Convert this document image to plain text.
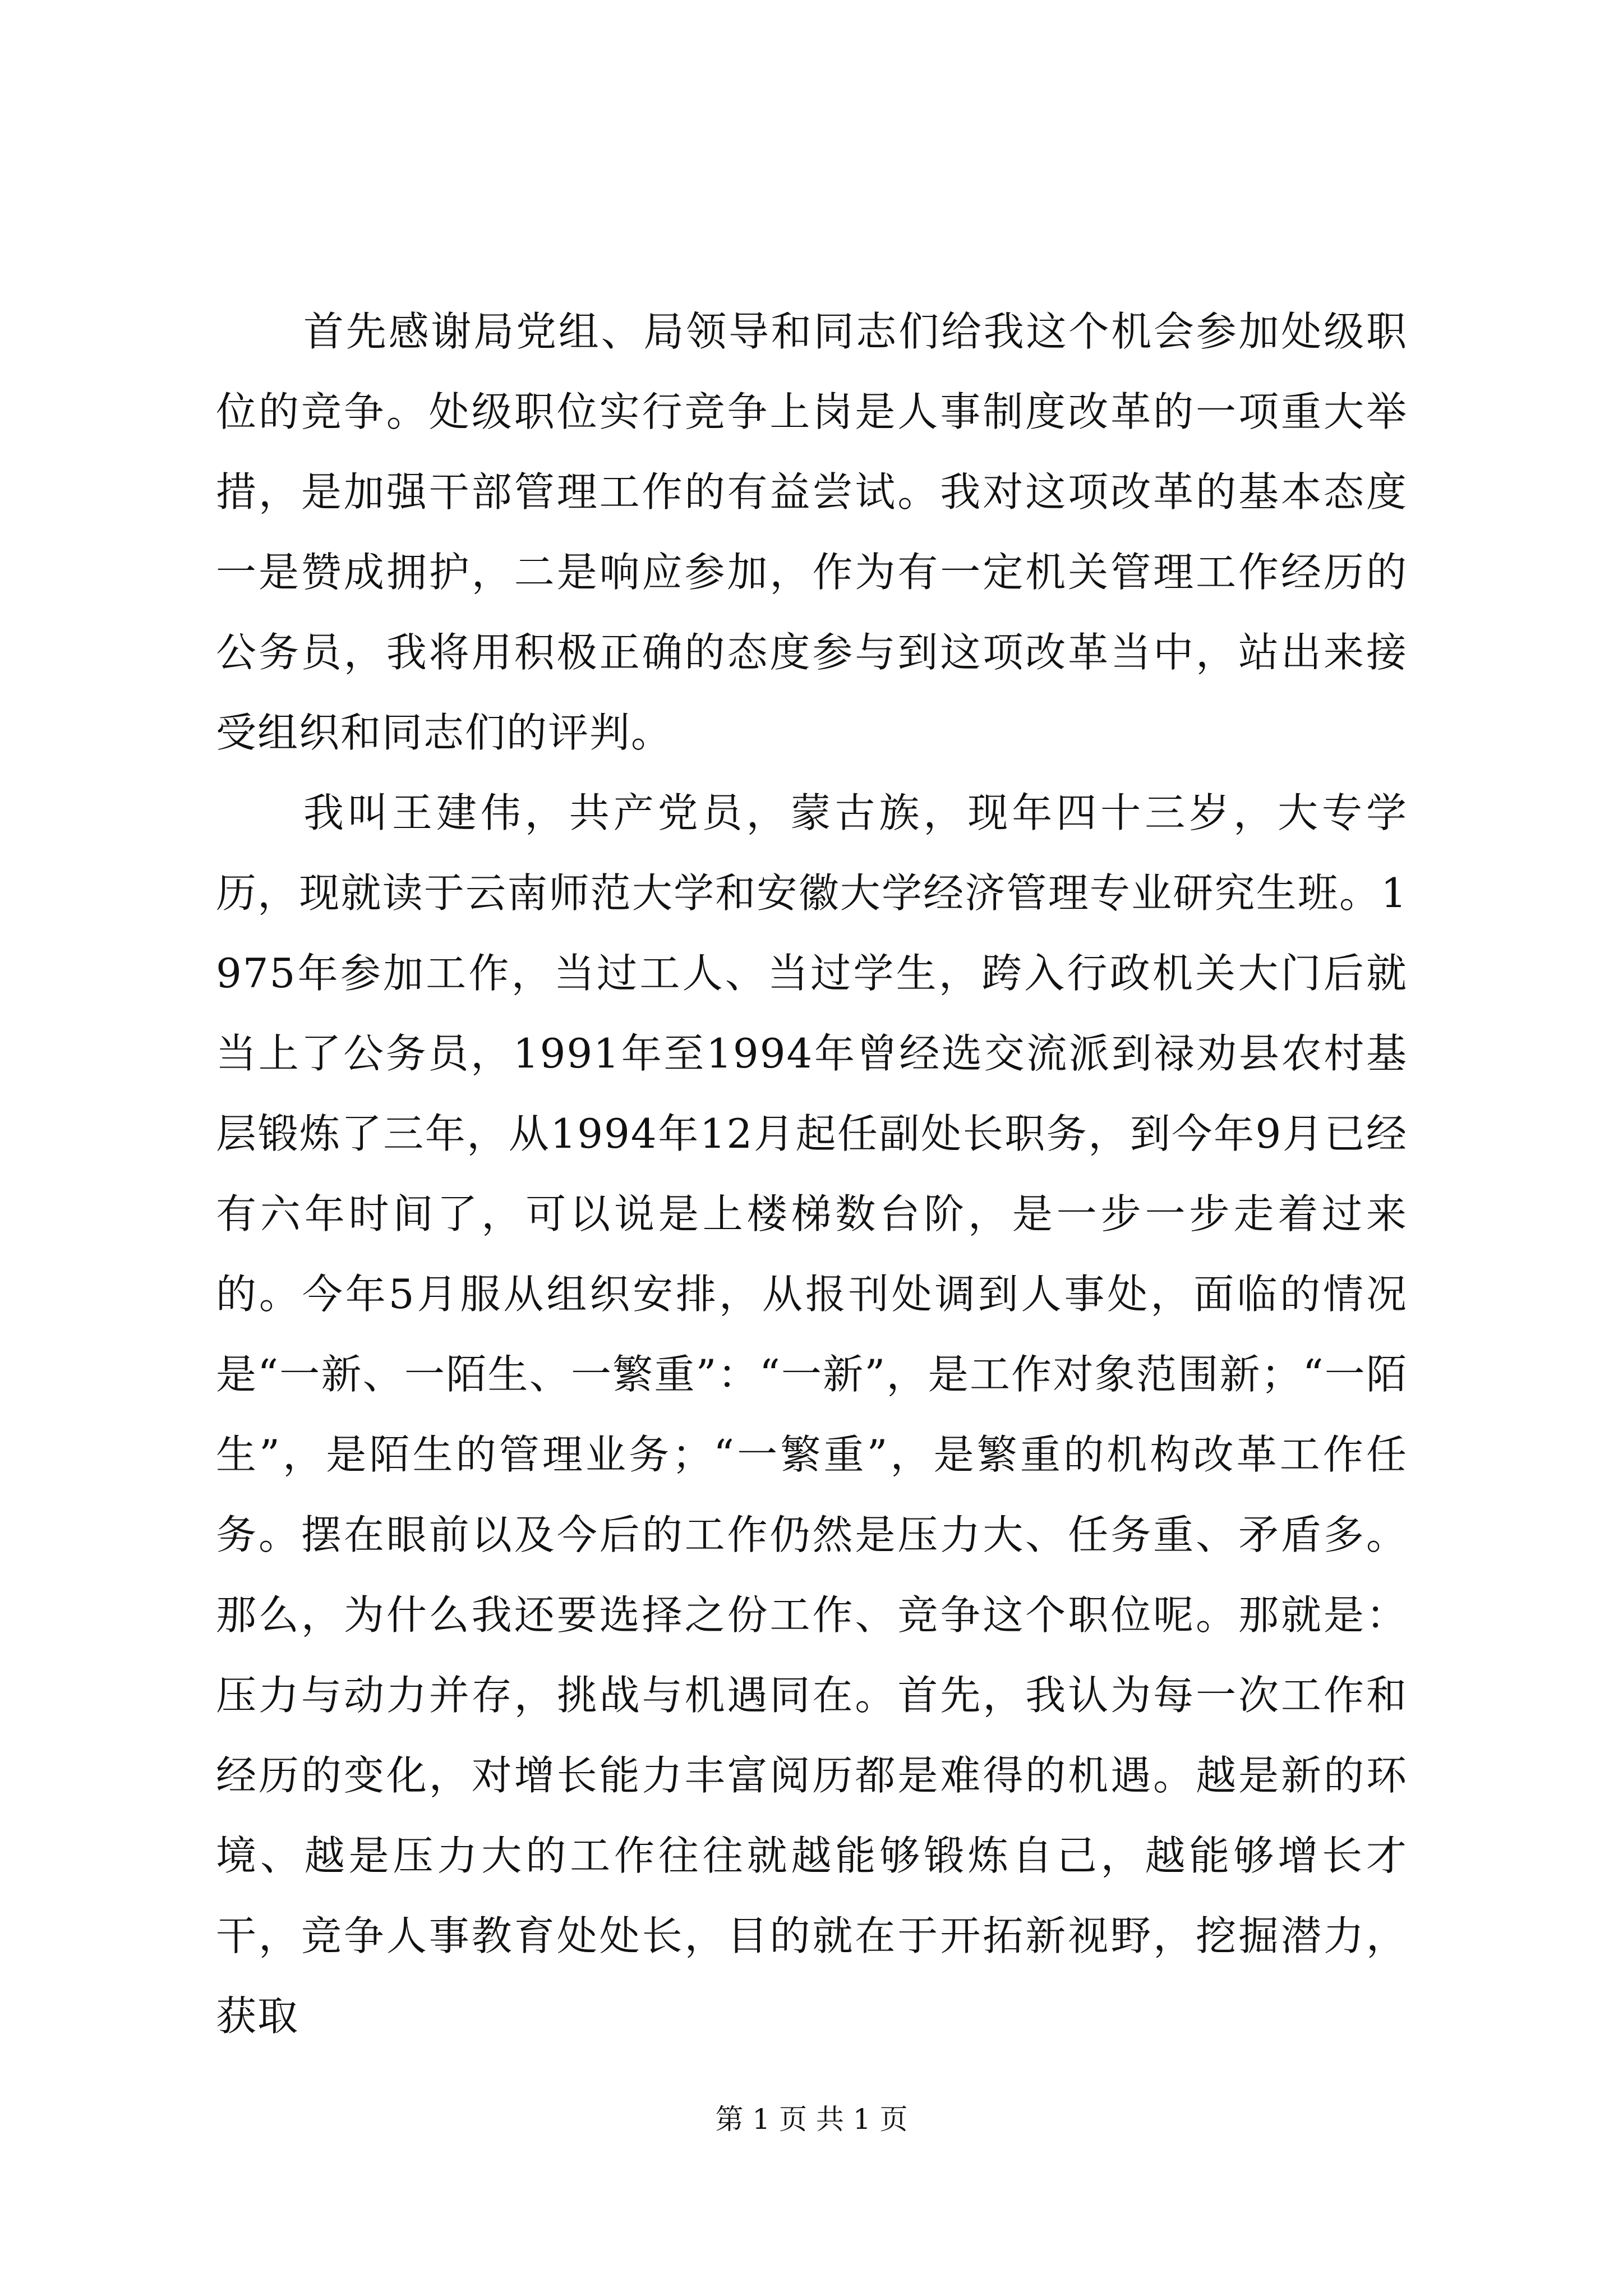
首先感谢局党组、局领导和同志们给我这个机会参加处级职位的竞争。处级职位实行竞争上岗是人事制度改革的一项重大举措，是加强干部管理工作的有益尝试。我对这项改革的基本态度一是赞成拥护，二是响应参加，作为有一定机关管理工作经历的公务员，我将用积极正确的态度参与到这项改革当中，站出来接受组织和同志们的评判。

我叫王建伟，共产党员，蒙古族，现年四十三岁，大专学历，现就读于云南师范大学和安徽大学经济管理专业研究生班。1975年参加工作，当过工人、当过学生，跨入行政机关大门后就当上了公务员，1991年至1994年曾经选交流派到禄劝县农村基层锻炼了三年，从1994年12月起任副处长职务，到今年9月已经有六年时间了，可以说是上楼梯数台阶，是一步一步走着过来的。今年5月服从组织安排，从报刊处调到人事处，面临的情况是“一新、一陌生、一繁重”：“一新”，是工作对象范围新；“一陌生”，是陌生的管理业务；“一繁重”，是繁重的机构改革工作任务。摆在眼前以及今后的工作仍然是压力大、任务重、矛盾多。那么，为什么我还要选择之份工作、竞争这个职位呢。那就是：压力与动力并存，挑战与机遇同在。首先，我认为每一次工作和经历的变化，对增长能力丰富阅历都是难得的机遇。越是新的环境、越是压力大的工作往往就越能够锻炼自己，越能够增长才干，竞争人事教育处处长，目的就在于开拓新视野，挖掘潜力，获取

第 1 页 共 1 页
